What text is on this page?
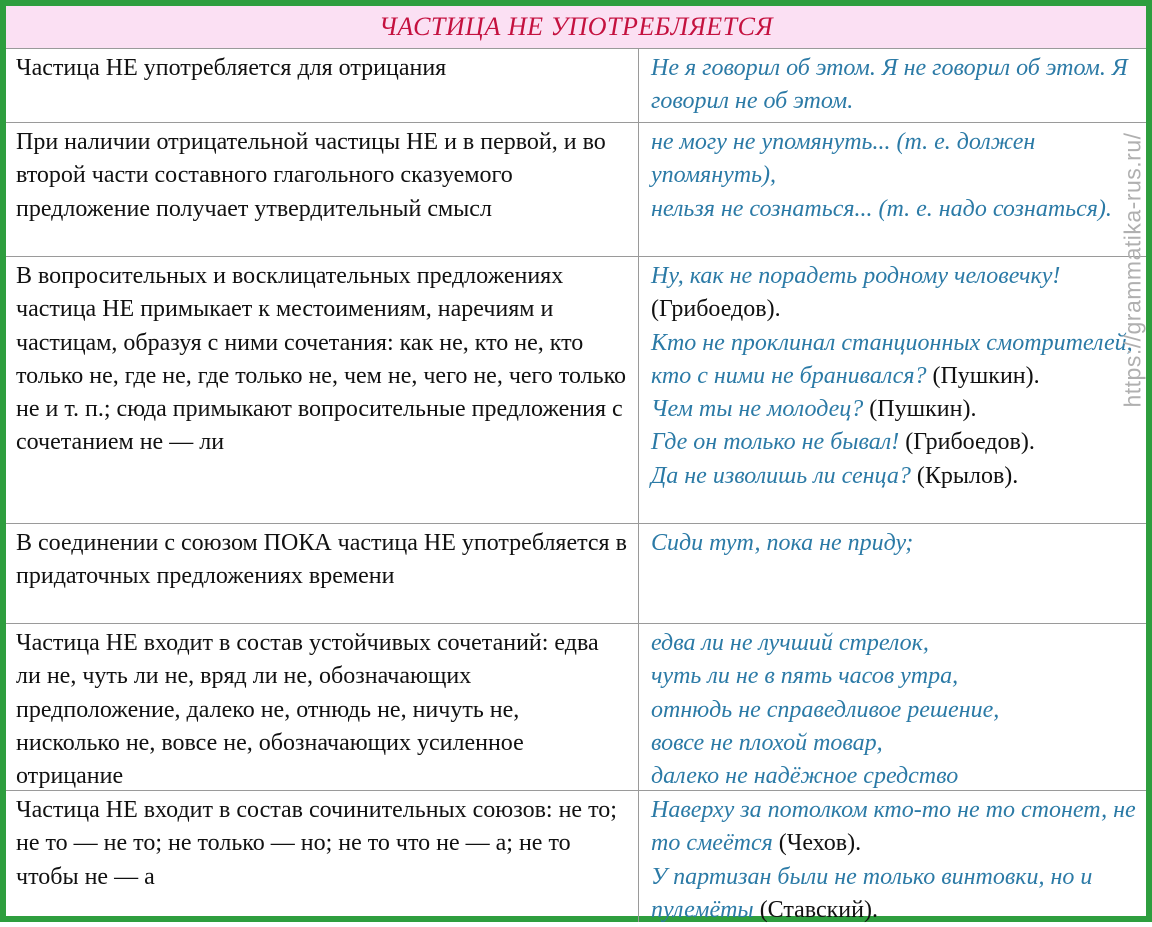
ЧАСТИЦА НЕ УПОТРЕБЛЯЕТСЯ
Частица НЕ употребляется для отрицания	Не я говорил об этом. Я не говорил об этом. Я говорил не об этом.
При наличии отрицательной частицы НЕ и в первой, и во второй части составного глагольного сказуемого предложение получает утвердительный смысл
не могу не упомянуть... (т. е. должен упомянуть),
нельзя не сознаться... (т. е. надо сознаться).
В вопросительных и восклицательных предложениях частица НЕ примыкает к местоимениям, наречиям и частицам, образуя с ними сочетания: как не, кто не, кто только не, где не, где только не, чем не, чего не, чего только не и т. п.; сюда примыкают вопросительные предложения с сочетанием не — ли
Ну, как не порадеть родному человечку! (Грибоедов).
Кто не проклинал станционных смотрителей, кто с ними не бранивался? (Пушкин).
Чем ты не молодец? (Пушкин).
Где он только не бывал! (Грибоедов).
Да не изволишь ли сенца? (Крылов).
В соединении с союзом ПОКА частица НЕ употребляется в придаточных предложениях времени
Сиди тут, пока не приду;
Частица НЕ входит в состав устойчивых сочетаний: едва ли не, чуть ли не, вряд ли не, обозначающих предположение, далеко не, отнюдь не, ничуть не, нисколько не, вовсе не, обозначающих усиленное отрицание
едва ли не лучший стрелок,
чуть ли не в пять часов утра,
отнюдь не справедливое решение,
вовсе не плохой товар,
далеко не надёжное средство
Частица НЕ входит в состав сочинительных союзов: не то; не то — не то; не только — но; не то что не — а; не то чтобы не — а
Наверху за потолком кто-то не то стонет, не то смеётся (Чехов).
У партизан были не только винтовки, но и пулемёты (Ставский).
https://grammatika-rus.ru/
